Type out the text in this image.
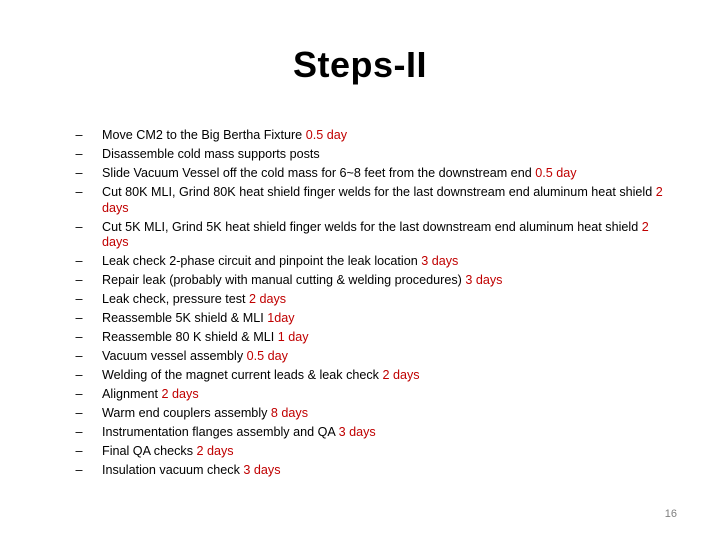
Steps-II
– Move CM2 to the Big Bertha Fixture 0.5 day
– Disassemble cold mass supports posts
– Slide Vacuum Vessel off the cold mass for 6~8 feet from the downstream end 0.5 day
– Cut 80K MLI, Grind 80K heat shield finger welds for the last downstream end aluminum heat shield 2 days
– Cut 5K MLI, Grind 5K heat shield finger welds for the last downstream end aluminum heat shield 2 days
– Leak check 2-phase circuit and pinpoint the leak location 3 days
– Repair leak (probably with manual cutting & welding procedures) 3 days
– Leak check, pressure test 2 days
– Reassemble 5K shield & MLI 1day
– Reassemble 80 K shield & MLI 1 day
– Vacuum vessel assembly 0.5 day
– Welding of the magnet current leads & leak check 2 days
– Alignment 2 days
– Warm end couplers assembly 8 days
– Instrumentation flanges assembly and QA 3 days
– Final QA checks 2 days
– Insulation vacuum check 3 days
16
